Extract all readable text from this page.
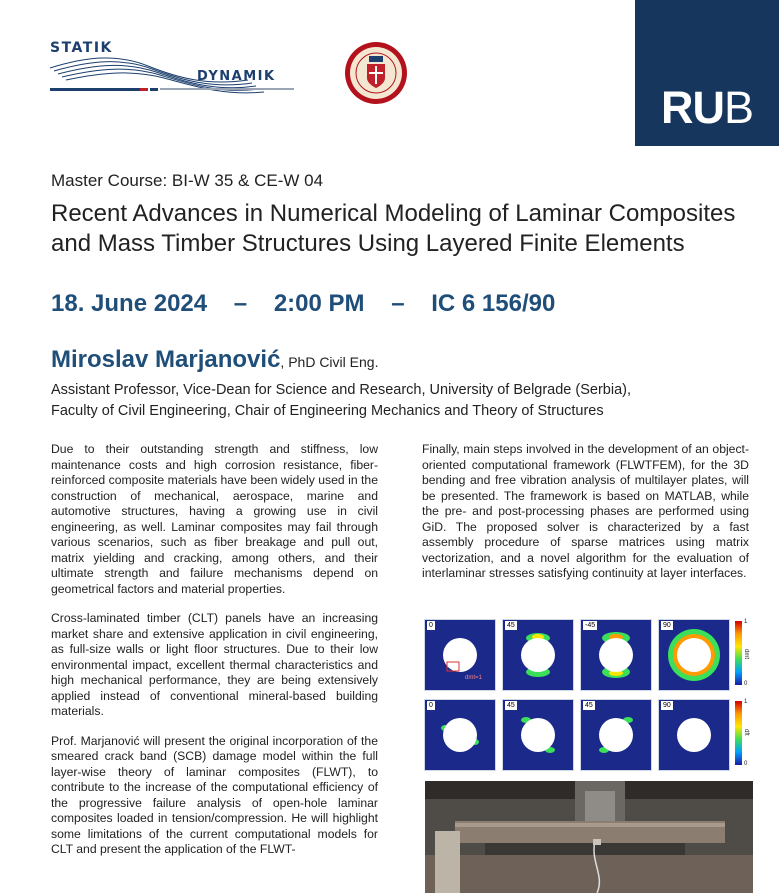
STATIK
DYNAMIK
RUB
Master Course: BI-W 35 & CE-W 04
Recent Advances in Numerical Modeling of Laminar Composites
and Mass Timber Structures Using Layered Finite Elements
18. June 2024 – 2:00 PM – IC 6 156/90
Miroslav Marjanović, PhD Civil Eng.
Assistant Professor, Vice-Dean for Science and Research, University of Belgrade (Serbia),
Faculty of Civil Engineering, Chair of Engineering Mechanics and Theory of Structures

Due to their outstanding strength and stiffness, low maintenance costs and high corrosion resistance, fiber-reinforced composite materials have been widely used in the construction of mechanical, aerospace, marine and automotive structures, having a growing use in civil engineering, as well. Laminar composites may fail through various scenarios, such as fiber breakage and pull out, matrix yielding and cracking, among others, and their ultimate strength and failure mechanisms depend on geometrical factors and material properties.

Cross-laminated timber (CLT) panels have an increasing market share and extensive application in civil engineering, as full-size walls or light floor structures. Due to their low environmental impact, excellent thermal characteristics and high mechanical performance, they are being extensively applied instead of conventional mineral-based building materials.

Prof. Marjanović will present the original incorporation of the smeared crack band (SCB) damage model within the full layer-wise theory of laminar composites (FLWT), to contribute to the increase of the computational efficiency of the progressive failure analysis of open-hole laminar composites loaded in tension/compression. He will highlight some limitations of the current computational models for CLT and present the application of the FLWT-

Finally, main steps involved in the development of an object-oriented computational framework (FLWTFEM), for the 3D bending and free vibration analysis of multilayer plates, will be presented. The framework is based on MATLAB, while the pre- and post-processing phases are performed using GiD. The proposed solver is characterized by a fast assembly procedure of sparse matrices using matrix vectorization, and a novel algorithm for the evaluation of interlaminar stresses satisfying continuity at layer interfaces.

0
dmt=1
45	-45	90	1
0
dmt
0	45	45	90	1
0
dft
